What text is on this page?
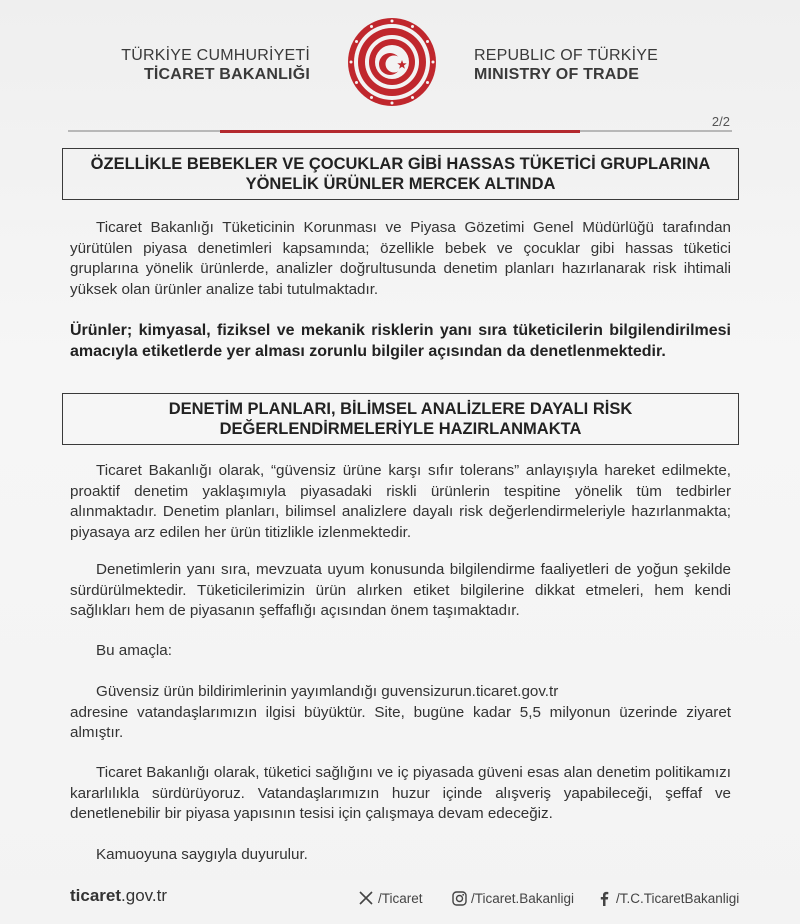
TÜRKİYE CUMHURİYETİ
TİCARET BAKANLIĞI
REPUBLIC OF TÜRKİYE
MINISTRY OF TRADE
2/2
ÖZELLİKLE BEBEKLER VE ÇOCUKLAR GİBİ HASSAS TÜKETİCİ GRUPLARINA
YÖNELİK ÜRÜNLER MERCEK ALTINDA
Ticaret Bakanlığı Tüketicinin Korunması ve Piyasa Gözetimi Genel Müdürlüğü tarafından yürütülen piyasa denetimleri kapsamında; özellikle bebek ve çocuklar gibi hassas tüketici gruplarına yönelik ürünlerde, analizler doğrultusunda denetim planları hazırlanarak risk ihtimali yüksek olan ürünler analize tabi tutulmaktadır.
Ürünler; kimyasal, fiziksel ve mekanik risklerin yanı sıra tüketicilerin bilgilendirilmesi amacıyla etiketlerde yer alması zorunlu bilgiler açısından da denetlenmektedir.
DENETİM PLANLARI, BİLİMSEL ANALİZLERE DAYALI RİSK
DEĞERLENDİRMELERİYLE HAZIRLANMAKTA
Ticaret Bakanlığı olarak, “güvensiz ürüne karşı sıfır tolerans” anlayışıyla hareket edilmekte, proaktif denetim yaklaşımıyla piyasadaki riskli ürünlerin tespitine yönelik tüm tedbirler alınmaktadır. Denetim planları, bilimsel analizlere dayalı risk değerlendirmeleriyle hazırlanmakta; piyasaya arz edilen her ürün titizlikle izlenmektedir.
Denetimlerin yanı sıra, mevzuata uyum konusunda bilgilendirme faaliyetleri de yoğun şekilde sürdürülmektedir. Tüketicilerimizin ürün alırken etiket bilgilerine dikkat etmeleri, hem kendi sağlıkları hem de piyasanın şeffaflığı açısından önem taşımaktadır.
Bu amaçla:
Güvensiz ürün bildirimlerinin yayımlandığı guvensizurun.ticaret.gov.tr
adresine vatandaşlarımızın ilgisi büyüktür. Site, bugüne kadar 5,5 milyonun üzerinde ziyaret almıştır.
Ticaret Bakanlığı olarak, tüketici sağlığını ve iç piyasada güveni esas alan denetim politikamızı kararlılıkla sürdürüyoruz. Vatandaşlarımızın huzur içinde alışveriş yapabileceği, şeffaf ve denetlenebilir bir piyasa yapısının tesisi için çalışmaya devam edeceğiz.
Kamuoyuna saygıyla duyurulur.
ticaret.gov.tr	/Ticaret	/Ticaret.Bakanligi	/T.C.TicaretBakanligi
